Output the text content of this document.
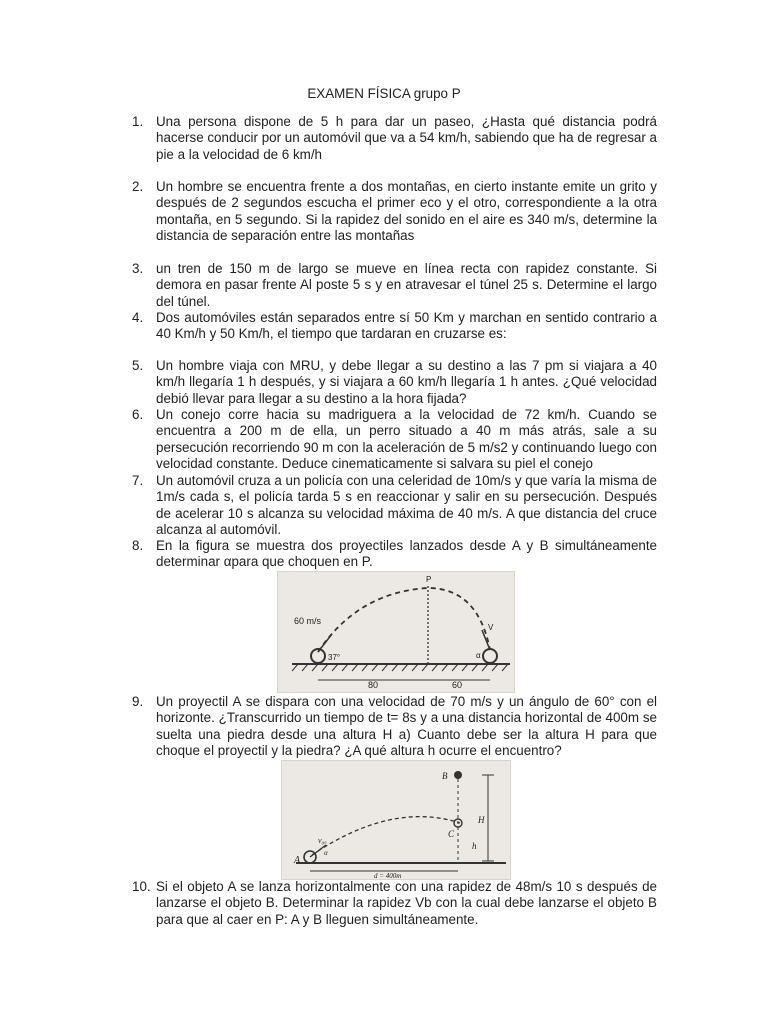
EXAMEN FÍSICA grupo P
1. Una persona dispone de 5 h para dar un paseo, ¿Hasta qué distancia podrá hacerse conducir por un automóvil que va a 54 km/h, sabiendo que ha de regresar a pie a la velocidad de 6 km/h
2. Un hombre se encuentra frente a dos montañas, en cierto instante emite un grito y después de 2 segundos escucha el primer eco y el otro, correspondiente a la otra montaña, en 5 segundo. Si la rapidez del sonido en el aire es 340 m/s, determine la distancia de separación entre las montañas
3. un tren de 150 m de largo se mueve en línea recta con rapidez constante. Si demora en pasar frente Al poste 5 s y en atravesar el túnel 25 s. Determine el largo del túnel.
4. Dos automóviles están separados entre sí 50 Km y marchan en sentido contrario a 40 Km/h y 50 Km/h, el tiempo que tardaran en cruzarse es:
5. Un hombre viaja con MRU, y debe llegar a su destino a las 7 pm si viajara a 40 km/h llegaría 1 h después, y si viajara a 60 km/h llegaría 1 h antes. ¿Qué velocidad debió llevar para llegar a su destino a la hora fijada?
6. Un conejo corre hacia su madriguera a la velocidad de 72 km/h. Cuando se encuentra a 200 m de ella, un perro situado a 40 m más atrás, sale a su persecución recorriendo 90 m con la aceleración de 5 m/s2 y continuando luego con velocidad constante. Deduce cinematicamente si salvara su piel el conejo
7. Un automóvil cruza a un policía con una celeridad de 10m/s y que varía la misma de 1m/s cada s, el policía tarda 5 s en reaccionar y salir en su persecución. Después de acelerar 10 s alcanza su velocidad máxima de 40 m/s. A que distancia del cruce alcanza al automóvil.
8. En la figura se muestra dos proyectiles lanzados desde A y B simultáneamente determinar αpara que choquen en P.
P
60 m/s
V
37°	α
80	60
9. Un proyectil A se dispara con una velocidad de 70 m/s y un ángulo de 60° con el horizonte. ¿Transcurrido un tiempo de t= 8s y a una distancia horizontal de 400m se suelta una piedra desde una altura H a) Cuanto debe ser la altura H para que choque el proyectil y la piedra? ¿A qué altura h ocurre el encuentro?
B
C
A
H
h
v₀ₐ
α
d = 400m
10. Si el objeto A se lanza horizontalmente con una rapidez de 48m/s 10 s después de lanzarse el objeto B. Determinar la rapidez Vb con la cual debe lanzarse el objeto B para que al caer en P: A y B lleguen simultáneamente.
